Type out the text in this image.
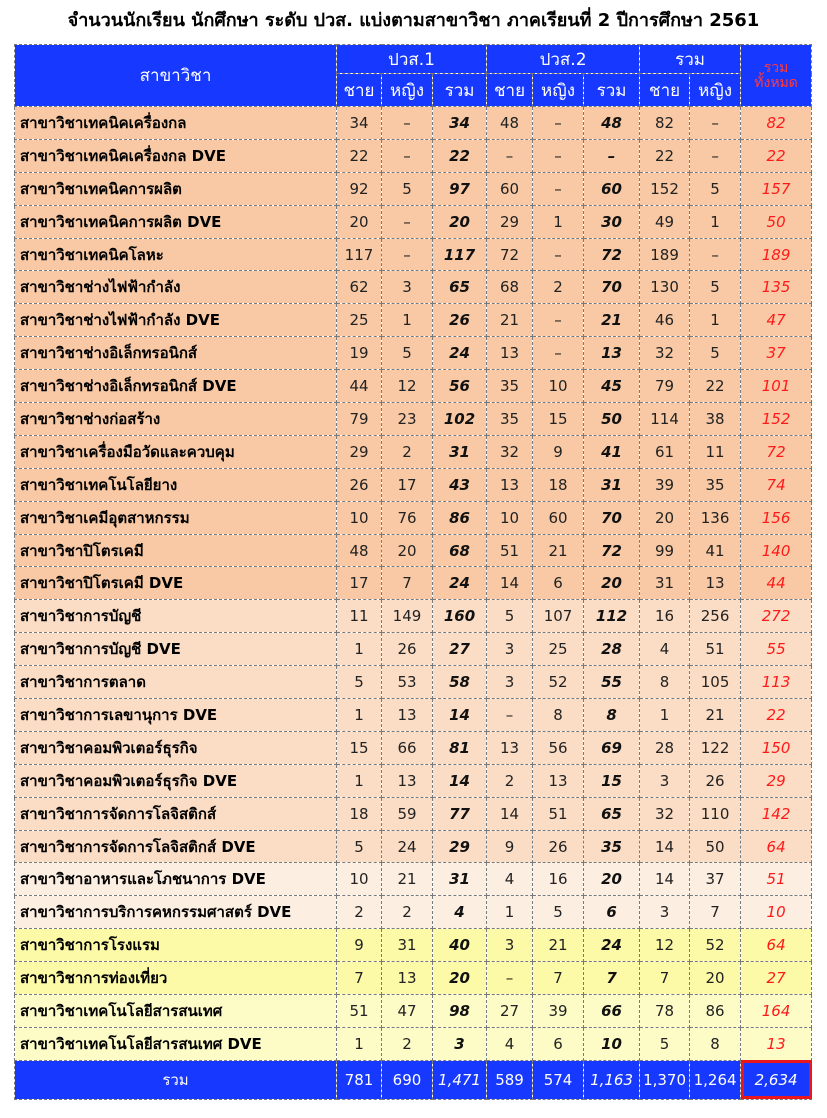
จำนวนนักเรียน นักศึกษา ระดับ ปวส. แบ่งตามสาขาวิชา ภาคเรียนที่ 2 ปีการศึกษา 2561
สาขาวิชา	ปวส.1			ปวส.2			รวม		รวม
ทั้งหมด

	ชาย	หญิง	รวม	ชาย	หญิง	รวม	ชาย	หญิง	
สาขาวิชาเทคนิคเครื่องกล	34	–	34	48	–	48	82	–	82
สาขาวิชาเทคนิคเครื่องกล DVE	22	–	22	–	–	–	22	–	22
สาขาวิชาเทคนิคการผลิต	92	5	97	60	–	60	152	5	157
สาขาวิชาเทคนิคการผลิต DVE	20	–	20	29	1	30	49	1	50
สาขาวิชาเทคนิคโลหะ	117	–	117	72	–	72	189	–	189
สาขาวิชาช่างไฟฟ้ากำลัง	62	3	65	68	2	70	130	5	135
สาขาวิชาช่างไฟฟ้ากำลัง DVE	25	1	26	21	–	21	46	1	47
สาขาวิชาช่างอิเล็กทรอนิกส์	19	5	24	13	–	13	32	5	37
สาขาวิชาช่างอิเล็กทรอนิกส์ DVE	44	12	56	35	10	45	79	22	101
สาขาวิชาช่างก่อสร้าง	79	23	102	35	15	50	114	38	152
สาขาวิชาเครื่องมือวัดและควบคุม	29	2	31	32	9	41	61	11	72
สาขาวิชาเทคโนโลยียาง	26	17	43	13	18	31	39	35	74
สาขาวิชาเคมีอุตสาหกรรม	10	76	86	10	60	70	20	136	156
สาขาวิชาปิโตรเคมี	48	20	68	51	21	72	99	41	140
สาขาวิชาปิโตรเคมี DVE	17	7	24	14	6	20	31	13	44
สาขาวิชาการบัญชี	11	149	160	5	107	112	16	256	272
สาขาวิชาการบัญชี DVE	1	26	27	3	25	28	4	51	55
สาขาวิชาการตลาด	5	53	58	3	52	55	8	105	113
สาขาวิชาการเลขานุการ DVE	1	13	14	–	8	8	1	21	22
สาขาวิชาคอมพิวเตอร์ธุรกิจ	15	66	81	13	56	69	28	122	150
สาขาวิชาคอมพิวเตอร์ธุรกิจ DVE	1	13	14	2	13	15	3	26	29
สาขาวิชาการจัดการโลจิสติกส์	18	59	77	14	51	65	32	110	142
สาขาวิชาการจัดการโลจิสติกส์ DVE	5	24	29	9	26	35	14	50	64
สาขาวิชาอาหารและโภชนาการ DVE	10	21	31	4	16	20	14	37	51
สาขาวิชาการบริการคหกรรมศาสตร์ DVE	2	2	4	1	5	6	3	7	10
สาขาวิชาการโรงแรม	9	31	40	3	21	24	12	52	64
สาขาวิชาการท่องเที่ยว	7	13	20	–	7	7	7	20	27
สาขาวิชาเทคโนโลยีสารสนเทศ	51	47	98	27	39	66	78	86	164
สาขาวิชาเทคโนโลยีสารสนเทศ DVE	1	2	3	4	6	10	5	8	13
รวม	781	690	1,471	589	574	1,163	1,370	1,264	2,634
